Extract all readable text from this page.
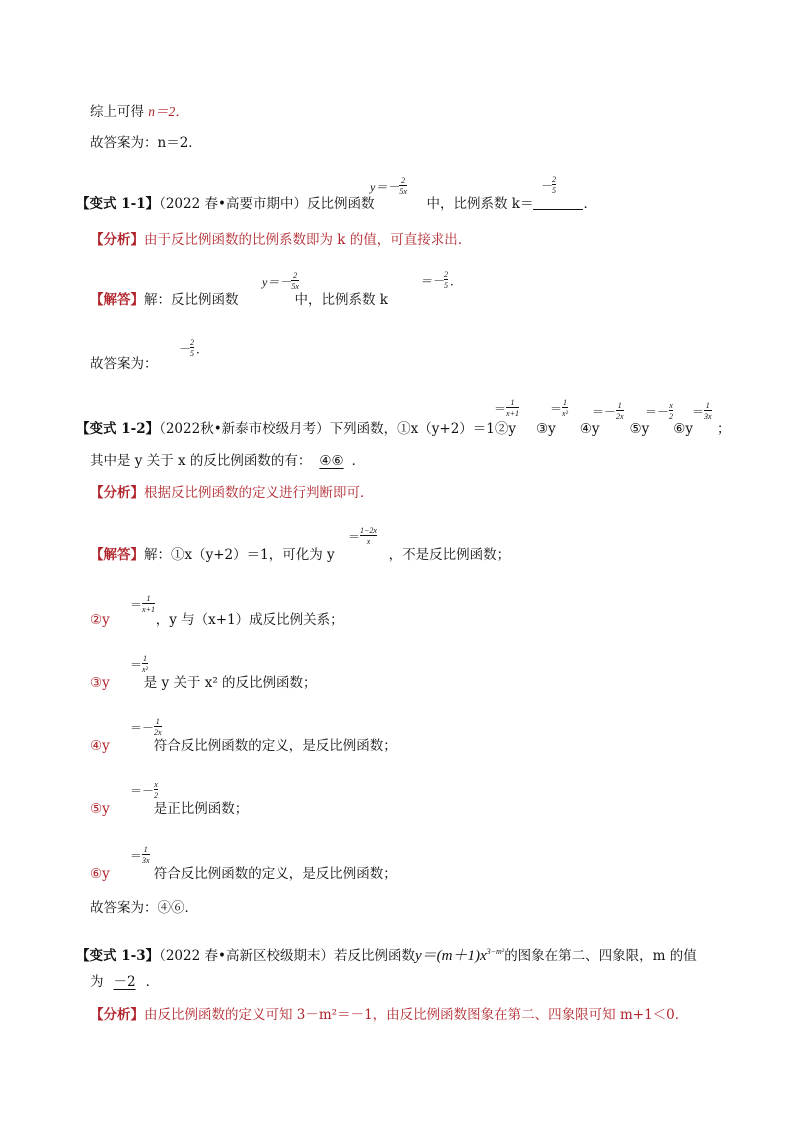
综上可得 n＝2．
故答案为：n＝2．
$y=- \frac{2}{5x}$	－ $\frac{2}{5}$
【变式 1-1】（2022 春•高要市期中）反比例函数	中，比例系数 k＝	．
【分析】由于反比例函数的比例系数即为 k 的值，可直接求出．
$y=- \frac{2}{5x}$	＝－ $\frac{2}{5}$ ．
【解答】解：反比例函数	中，比例系数 k
－ $\frac{2}{5}$ ．
故答案为：
＝ $\frac{1}{x+1}$	＝ $\frac{1}{\text{x²}} =- \frac{1}{2x} =- \frac{x}{2} = \frac{1}{3x}$
【变式 1-2】（2022秋•新泰市校级月考）下列函数，①x（y+2）＝1②y ③y ④y ⑤y ⑥y ；
其中是 y 关于 x 的反比例函数的有： ④⑥ ．
【分析】根据反比例函数的定义进行判断即可．
＝ $\frac{1-2x}{x}$
【解答】解：①x（y+2）＝1，可化为 y	，不是反比例函数；
＝ $\frac{1}{x+1}$
②y	，y 与（x+1）成反比例关系；
＝ $\frac{1}{\text{x²}}$
③y	是 y 关于 x² 的反比例函数；
＝－ $\frac{1}{2x}$
④y	符合反比例函数的定义，是反比例函数；
＝－ $\frac{x}{2}$
⑤y	是正比例函数；
＝ $\frac{1}{3x}$
⑥y	符合反比例函数的定义，是反比例函数；
故答案为：④⑥．
【变式 1-3】（2022 春•高新区校级期末）若反比例函数$y=(m+1)x^{3-m^2}$的图象在第二、四象限，m 的值
为 －2 ．
【分析】由反比例函数的定义可知 3－m²＝－1，由反比例函数图象在第二、四象限可知 m+1＜0．
